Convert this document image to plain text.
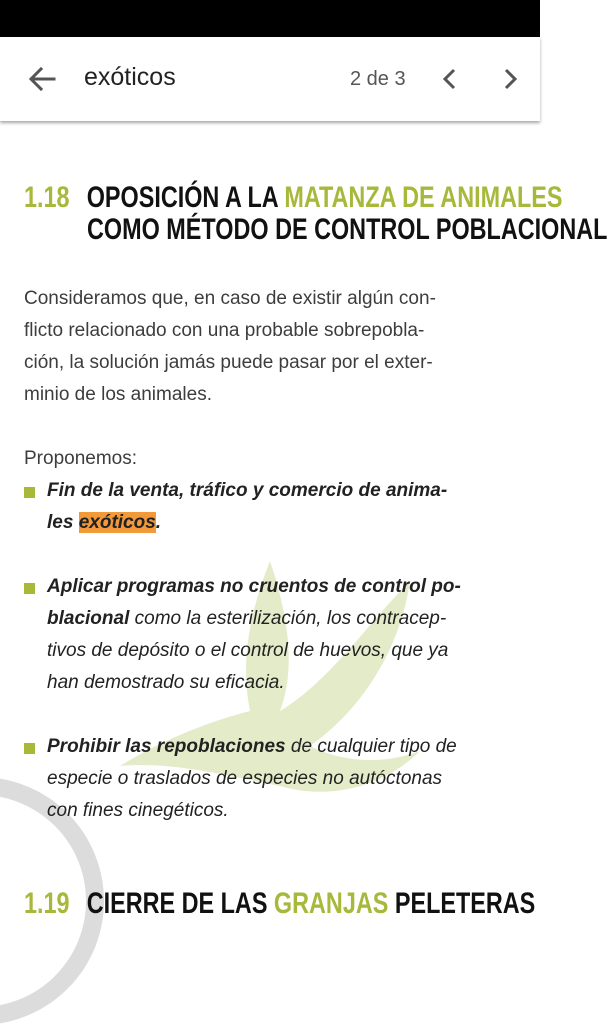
exóticos	2 de 3
1.18 OPOSICIÓN A LA MATANZA DE ANIMALES
COMO MÉTODO DE CONTROL POBLACIONAL
Consideramos que, en caso de existir algún con-
flicto relacionado con una probable sobrepobla-
ción, la solución jamás puede pasar por el exter-
minio de los animales.
Proponemos:
Fin de la venta, tráfico y comercio de anima-
les exóticos.
Aplicar programas no cruentos de control po-
blacional como la esterilización, los contracep-
tivos de depósito o el control de huevos, que ya
han demostrado su eficacia.
Prohibir las repoblaciones de cualquier tipo de
especie o traslados de especies no autóctonas
con fines cinegéticos.
1.19 CIERRE DE LAS GRANJAS PELETERAS
